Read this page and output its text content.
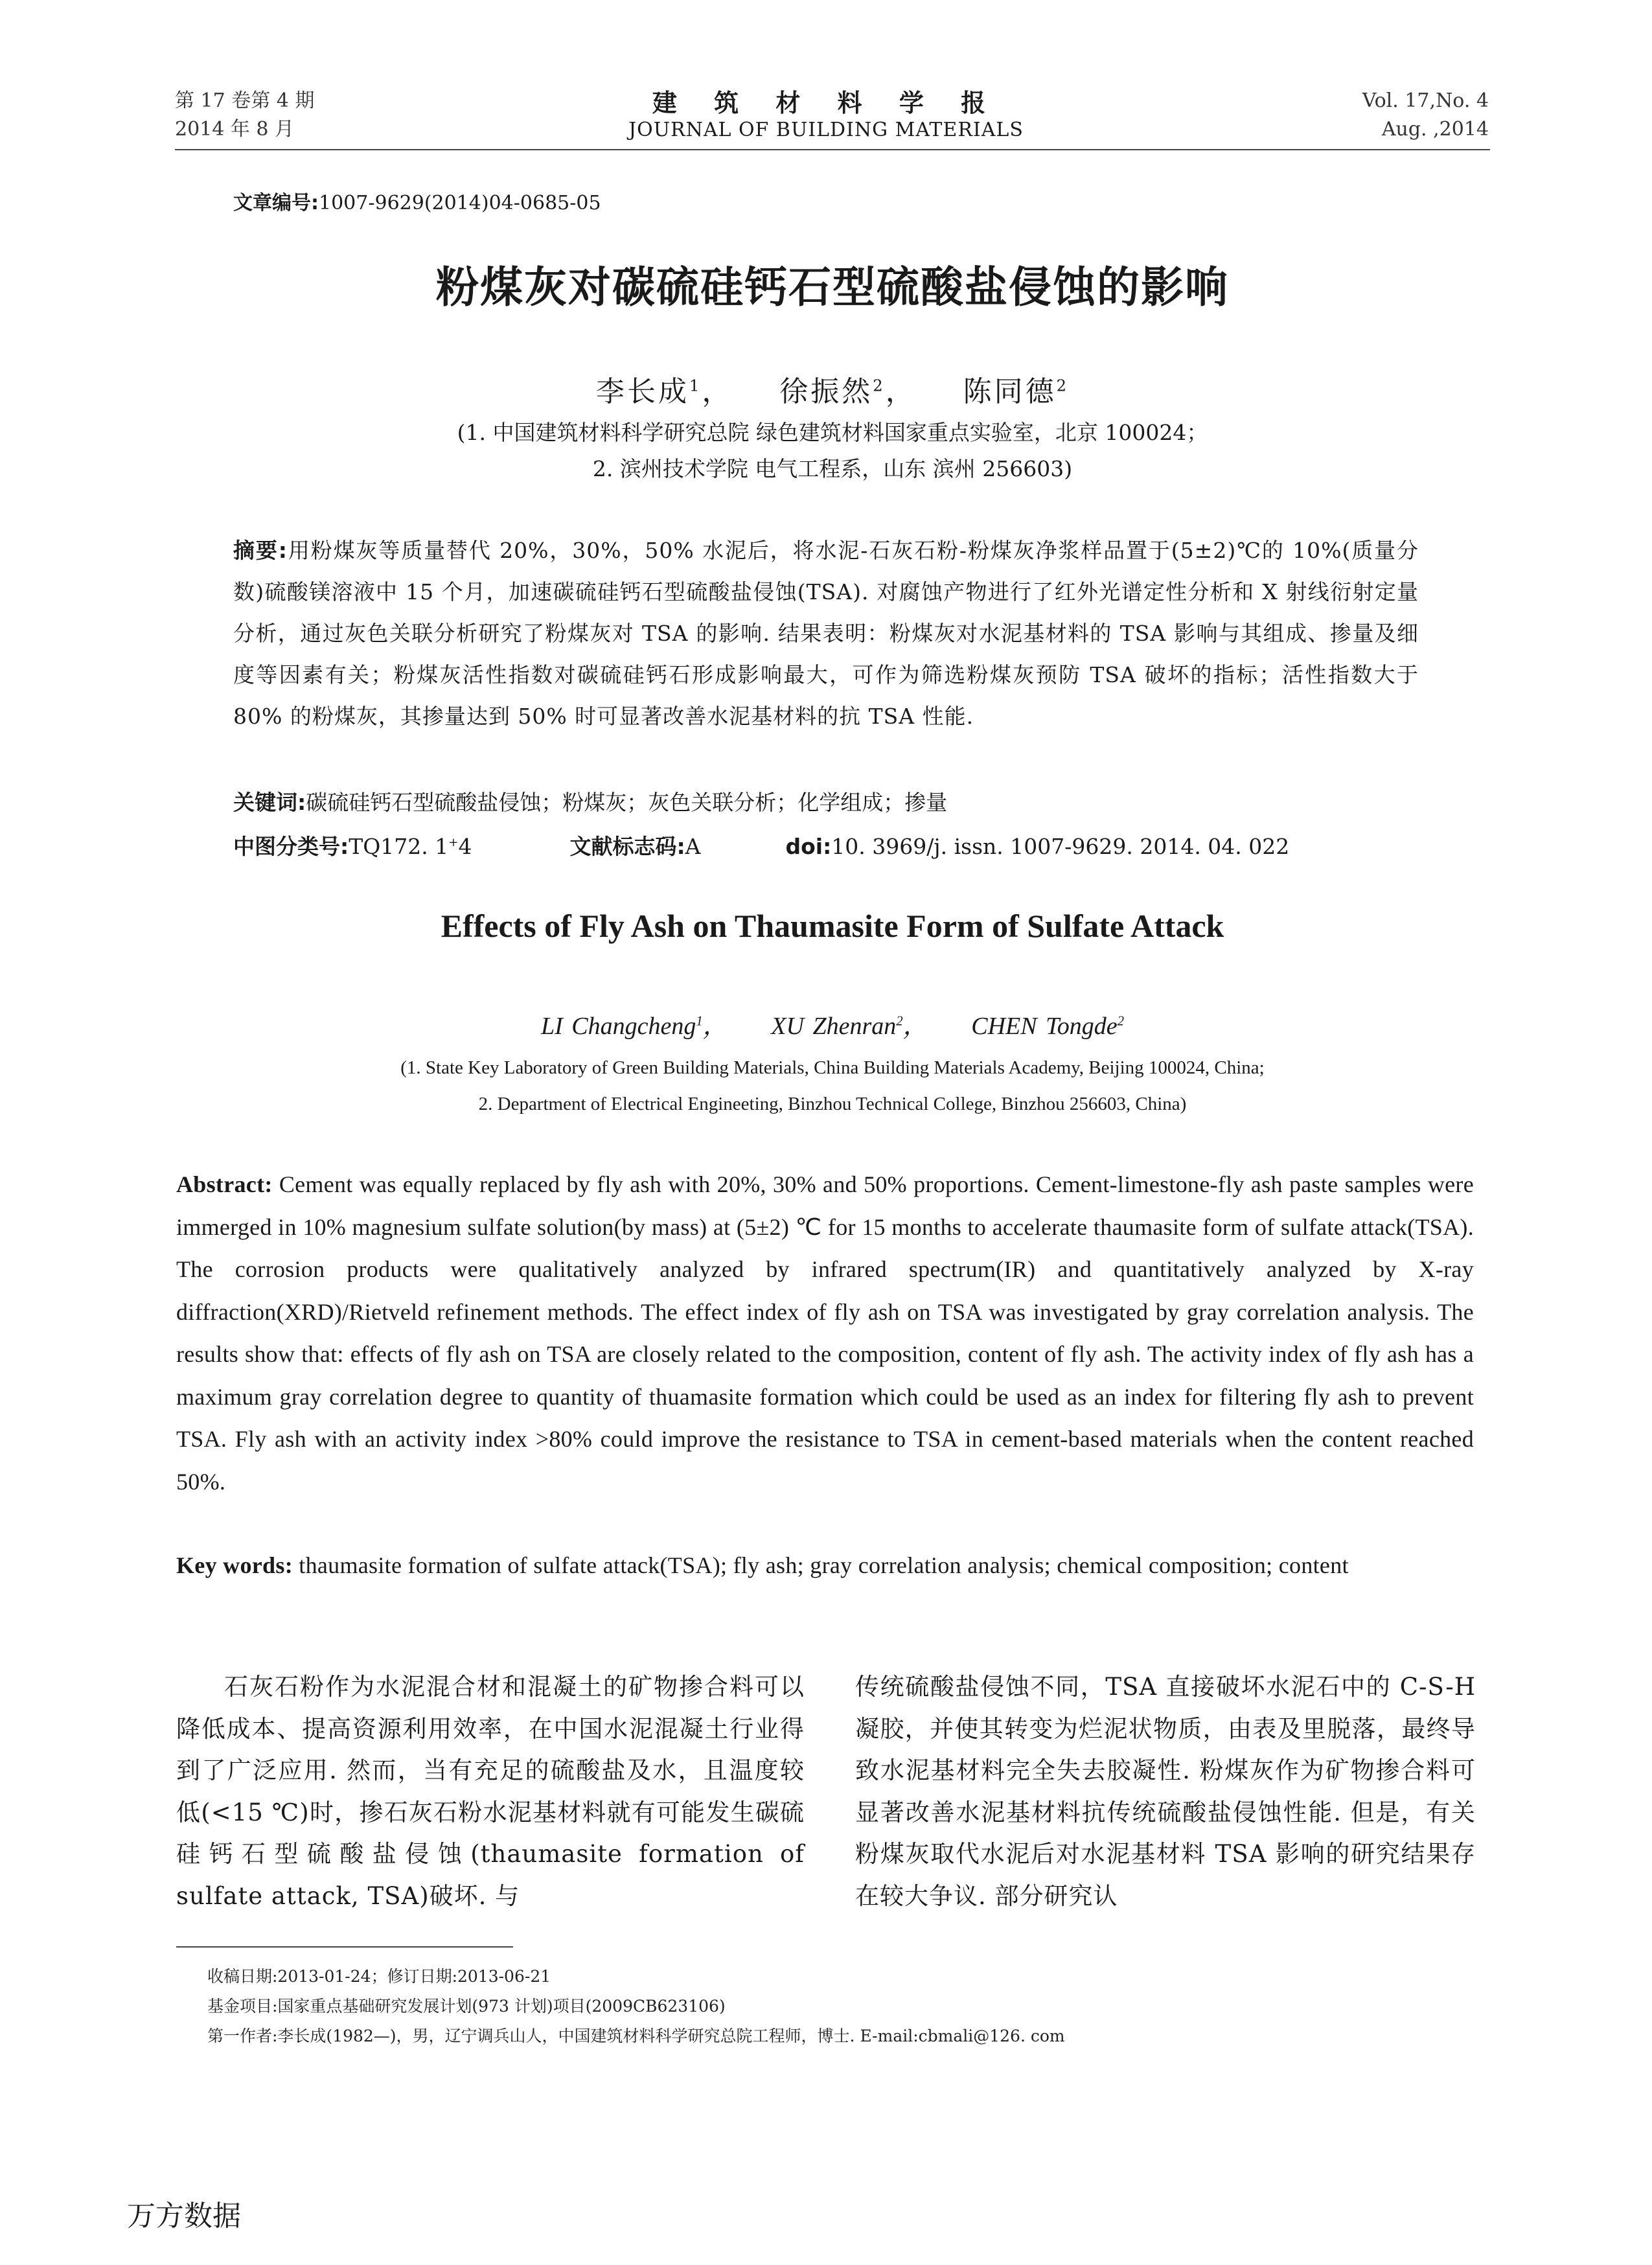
第 17 卷第 4 期
2014 年 8 月
建 筑 材 料 学 报
JOURNAL OF BUILDING MATERIALS
Vol. 17,No. 4
Aug. ,2014
文章编号:1007-9629(2014)04-0685-05
粉煤灰对碳硫硅钙石型硫酸盐侵蚀的影响
李长成$^1$， 徐振然$^2$， 陈同德$^2$
(1. 中国建筑材料科学研究总院 绿色建筑材料国家重点实验室，北京 100024；
2. 滨州技术学院 电气工程系，山东 滨州 256603)
摘要:用粉煤灰等质量替代 20%，30%，50% 水泥后，将水泥-石灰石粉-粉煤灰净浆样品置于(5±2)℃的 10%(质量分数)硫酸镁溶液中 15 个月，加速碳硫硅钙石型硫酸盐侵蚀(TSA). 对腐蚀产物进行了红外光谱定性分析和 X 射线衍射定量分析，通过灰色关联分析研究了粉煤灰对 TSA 的影响. 结果表明：粉煤灰对水泥基材料的 TSA 影响与其组成、掺量及细度等因素有关；粉煤灰活性指数对碳硫硅钙石形成影响最大，可作为筛选粉煤灰预防 TSA 破坏的指标；活性指数大于 80% 的粉煤灰，其掺量达到 50% 时可显著改善水泥基材料的抗 TSA 性能.
关键词:碳硫硅钙石型硫酸盐侵蚀；粉煤灰；灰色关联分析；化学组成；掺量
中图分类号:TQ172. 1+4	文献标志码:A	doi:10. 3969/j. issn. 1007-9629. 2014. 04. 022
Effects of Fly Ash on Thaumasite Form of Sulfate Attack
LI Changcheng$^1$， XU Zhenran$^2$， CHEN Tongde$^2$
(1. State Key Laboratory of Green Building Materials, China Building Materials Academy, Beijing 100024, China;
2. Department of Electrical Engineeting, Binzhou Technical College, Binzhou 256603, China)
Abstract: Cement was equally replaced by fly ash with 20%, 30% and 50% proportions. Cement-limestone-fly ash paste samples were immerged in 10% magnesium sulfate solution(by mass) at (5±2) ℃ for 15 months to accelerate thaumasite form of sulfate attack(TSA). The corrosion products were qualitatively analyzed by infrared spectrum(IR) and quantitatively analyzed by X-ray diffraction(XRD)/Rietveld refinement methods. The effect index of fly ash on TSA was investigated by gray correlation analysis. The results show that: effects of fly ash on TSA are closely related to the composition, content of fly ash. The activity index of fly ash has a maximum gray correlation degree to quantity of thuamasite formation which could be used as an index for filtering fly ash to prevent TSA. Fly ash with an activity index >80% could improve the resistance to TSA in cement-based materials when the content reached 50%.
Key words: thaumasite formation of sulfate attack(TSA); fly ash; gray correlation analysis; chemical composition; content
石灰石粉作为水泥混合材和混凝土的矿物掺合料可以降低成本、提高资源利用效率，在中国水泥混凝土行业得到了广泛应用. 然而，当有充足的硫酸盐及水，且温度较低(<15 ℃)时，掺石灰石粉水泥基材料就有可能发生碳硫硅钙石型硫酸盐侵蚀(thaumasite formation of sulfate attack, TSA)破坏. 与
传统硫酸盐侵蚀不同，TSA 直接破坏水泥石中的 C-S-H 凝胶，并使其转变为烂泥状物质，由表及里脱落，最终导致水泥基材料完全失去胶凝性. 粉煤灰作为矿物掺合料可显著改善水泥基材料抗传统硫酸盐侵蚀性能. 但是，有关粉煤灰取代水泥后对水泥基材料 TSA 影响的研究结果存在较大争议. 部分研究认
收稿日期:2013-01-24；修订日期:2013-06-21
基金项目:国家重点基础研究发展计划(973 计划)项目(2009CB623106)
第一作者:李长成(1982—)，男，辽宁调兵山人，中国建筑材料科学研究总院工程师，博士. E-mail:cbmali@126. com
万方数据
